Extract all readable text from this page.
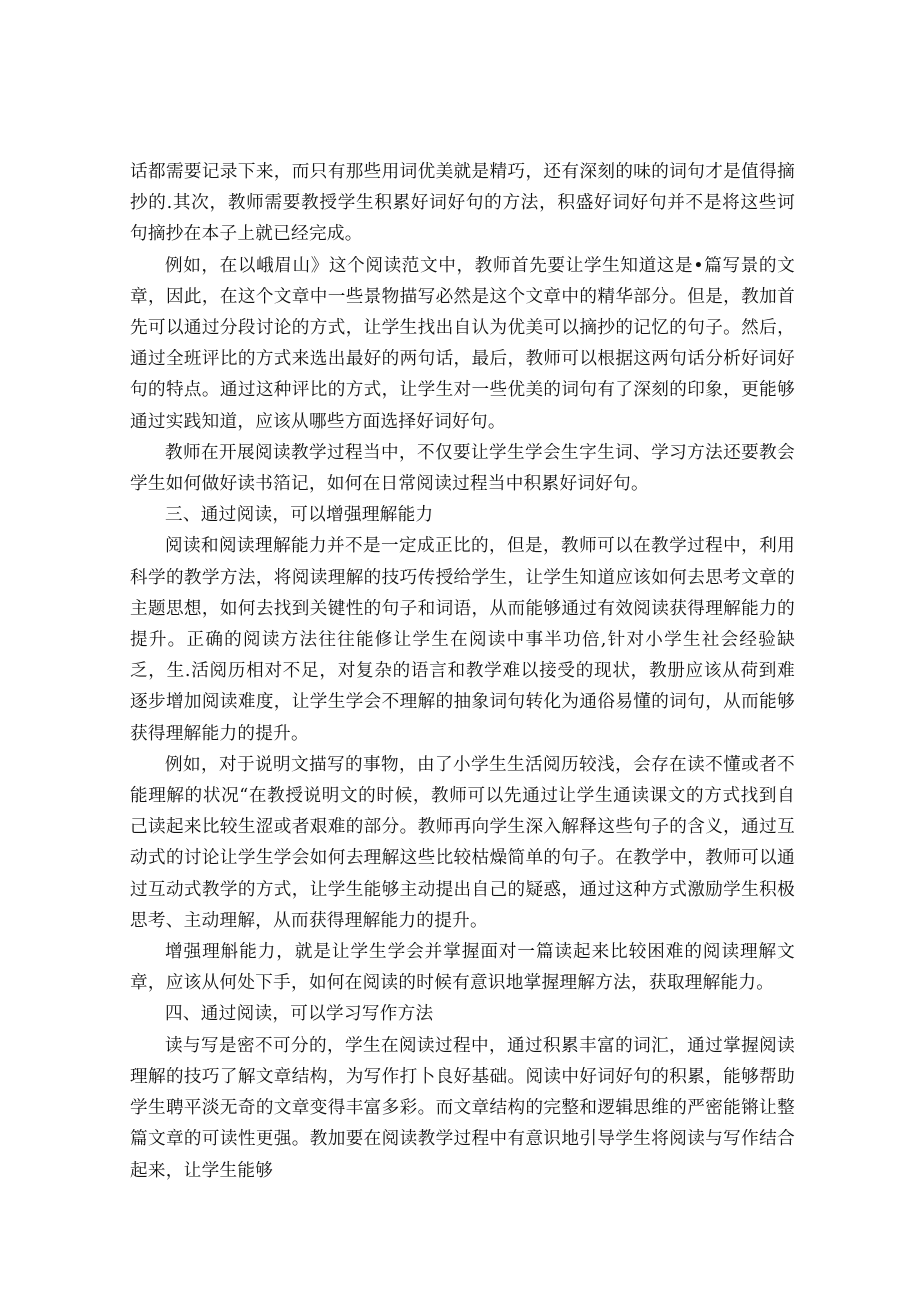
话都需要记录下来，而只有那些用词优美就是精巧，还有深刻的味的词句才是值得摘抄的.其次，教师需要教授学生积累好词好句的方法，积盛好词好句并不是将这些诃句摘抄在本子上就已经完成。

例如，在以峨眉山》这个阅读范文中，教师首先要让学生知道这是•篇写景的文章，因此，在这个文章中一些景物描写必然是这个文章中的精华部分。但是，教加首先可以通过分段讨论的方式，让学生找出自认为优美可以摘抄的记忆的句子。然后，通过全班评比的方式来选出最好的两句话，最后，教师可以根据这两句话分析好词好句的特点。通过这种评比的方式，让学生对一些优美的词句有了深刻的印象，更能够通过实践知道，应该从哪些方面选择好词好句。

教师在开展阅读教学过程当中，不仅要让学生学会生字生词、学习方法还要教会学生如何做好读书箔记，如何在日常阅读过程当中积累好词好句。

三、通过阅读，可以增强理解能力

阅读和阅读理解能力并不是一定成正比的，但是，教师可以在教学过程中，利用科学的教学方法，将阅读理解的技巧传授给学生，让学生知道应该如何去思考文章的主题思想，如何去找到关键性的句子和词语，从而能够通过有效阅读获得理解能力的提升。正确的阅读方法往往能修让学生在阅读中事半功倍,针对小学生社会经验缺乏，生.活阅历相对不足，对复杂的语言和教学难以接受的现状，教册应该从荷到难逐步增加阅读难度，让学生学会不理解的抽象词句转化为通俗易懂的词句，从而能够获得理解能力的提升。

例如，对于说明文描写的事物，由了小学生生活阅历较浅，会存在读不懂或者不能理解的状况“在教授说明文的时候，教师可以先通过让学生通读课文的方式找到自己读起来比较生涩或者艰难的部分。教师再向学生深入解释这些句子的含义，通过互动式的讨论让学生学会如何去理解这些比较枯燥简单的句子。在教学中，教师可以通过互动式教学的方式，让学生能够主动提出自己的疑惑，通过这种方式激励学生积极思考、主动理解，从而获得理解能力的提升。

增强理斛能力，就是让学生学会并掌握面对一篇读起来比较困难的阅读理解文章，应该从何处下手，如何在阅读的时候有意识地掌握理解方法，获取理解能力。

四、通过阅读，可以学习写作方法

读与写是密不可分的，学生在阅读过程中，通过积累丰富的词汇，通过掌握阅读理解的技巧了解文章结构，为写作打卜良好基础。阅读中好词好句的积累，能够帮助学生聘平淡无奇的文章变得丰富多彩。而文章结构的完整和逻辑思维的严密能锵让整篇文章的可读性更强。教加要在阅读教学过程中有意识地引导学生将阅读与写作结合起来，让学生能够
